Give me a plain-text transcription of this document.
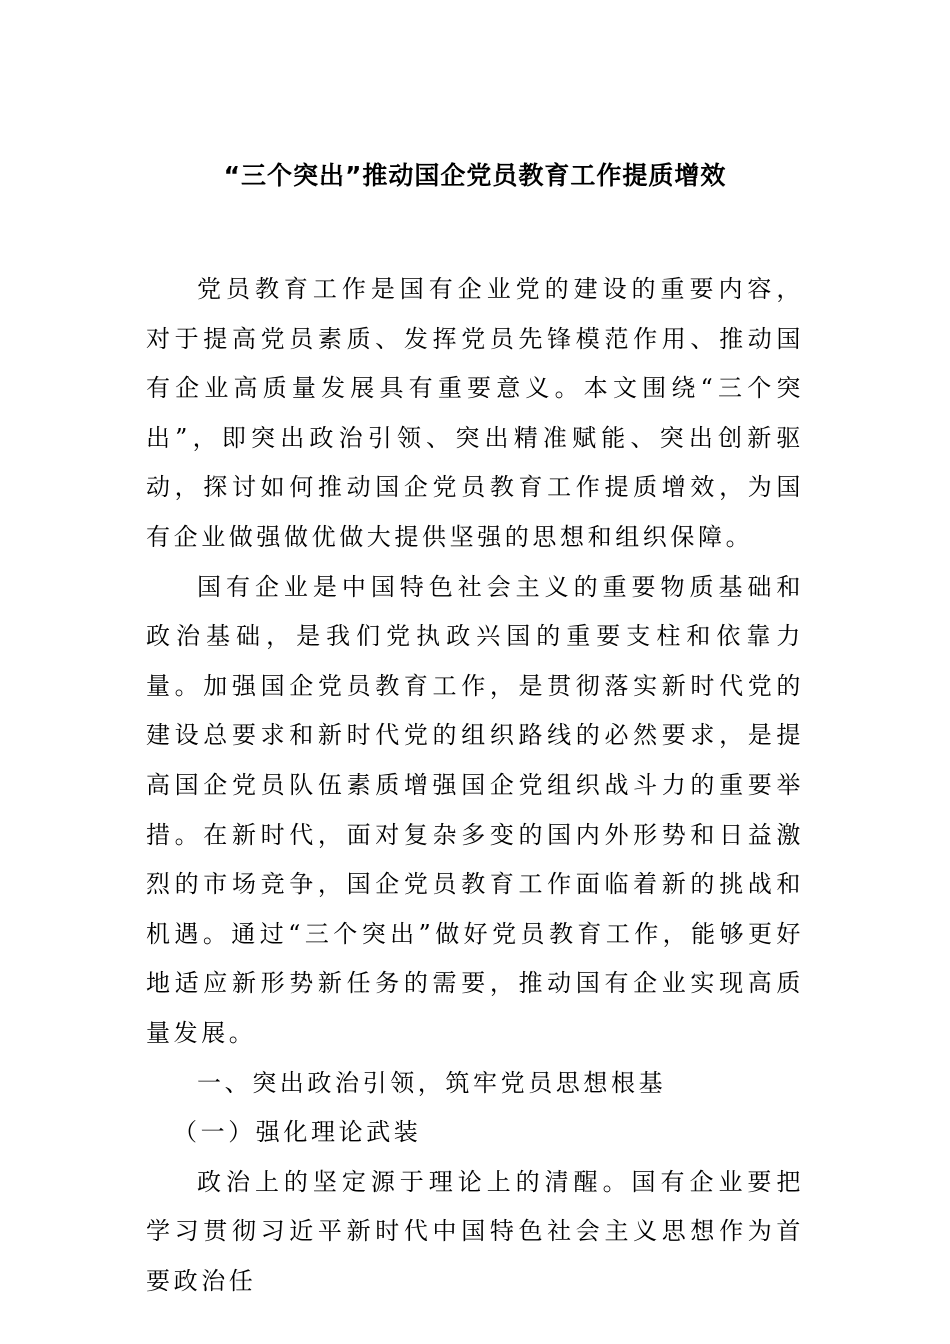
“三个突出”推动国企党员教育工作提质增效

党员教育工作是国有企业党的建设的重要内容，对于提高党员素质、发挥党员先锋模范作用、推动国有企业高质量发展具有重要意义。本文围绕“三个突出”，即突出政治引领、突出精准赋能、突出创新驱动，探讨如何推动国企党员教育工作提质增效，为国有企业做强做优做大提供坚强的思想和组织保障。

国有企业是中国特色社会主义的重要物质基础和政治基础，是我们党执政兴国的重要支柱和依靠力量。加强国企党员教育工作，是贯彻落实新时代党的建设总要求和新时代党的组织路线的必然要求，是提高国企党员队伍素质增强国企党组织战斗力的重要举措。在新时代，面对复杂多变的国内外形势和日益激烈的市场竞争，国企党员教育工作面临着新的挑战和机遇。通过“三个突出”做好党员教育工作，能够更好地适应新形势新任务的需要，推动国有企业实现高质量发展。

一、突出政治引领，筑牢党员思想根基

（一）强化理论武装

政治上的坚定源于理论上的清醒。国有企业要把学习贯彻习近平新时代中国特色社会主义思想作为首要政治任
